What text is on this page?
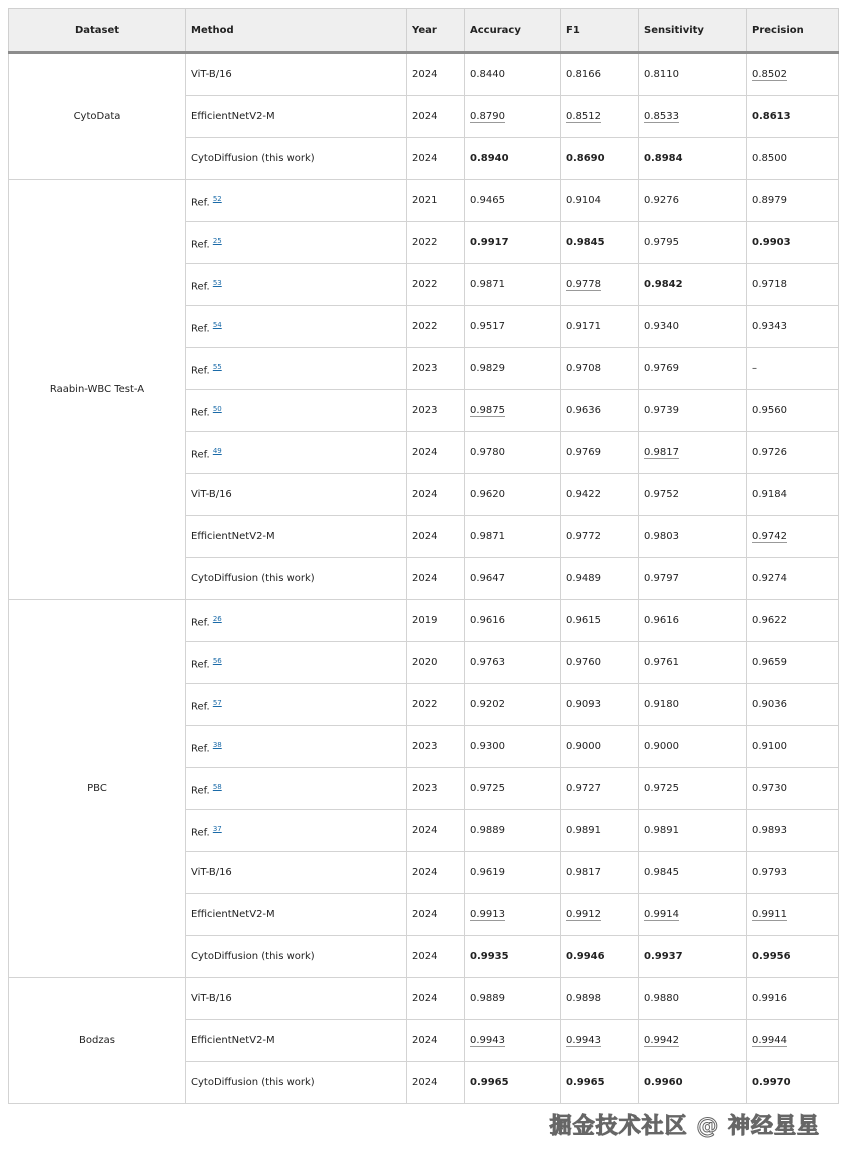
Dataset	Method	Year	Accuracy	F1	Sensitivity	Precision
CytoData	ViT-B/16	2024	0.8440	0.8166	0.8110	0.8502
	EfficientNetV2-M	2024	0.8790	0.8512	0.8533	0.8613
	CytoDiffusion (this work)	2024	0.8940	0.8690	0.8984	0.8500
Raabin-WBC Test-A	Ref. $^{52}$	2021	0.9465	0.9104	0.9276	0.8979
	Ref. $^{25}$	2022	0.9917	0.9845	0.9795	0.9903
	Ref. $^{53}$	2022	0.9871	0.9778	0.9842	0.9718
	Ref. $^{54}$	2022	0.9517	0.9171	0.9340	0.9343
	Ref. $^{55}$	2023	0.9829	0.9708	0.9769	–
	Ref. $^{50}$	2023	0.9875	0.9636	0.9739	0.9560
	Ref. $^{49}$	2024	0.9780	0.9769	0.9817	0.9726
	ViT-B/16	2024	0.9620	0.9422	0.9752	0.9184
	EfficientNetV2-M	2024	0.9871	0.9772	0.9803	0.9742
	CytoDiffusion (this work)	2024	0.9647	0.9489	0.9797	0.9274
PBC	Ref. $^{26}$	2019	0.9616	0.9615	0.9616	0.9622
	Ref. $^{56}$	2020	0.9763	0.9760	0.9761	0.9659
	Ref. $^{57}$	2022	0.9202	0.9093	0.9180	0.9036
	Ref. $^{38}$	2023	0.9300	0.9000	0.9000	0.9100
	Ref. $^{58}$	2023	0.9725	0.9727	0.9725	0.9730
	Ref. $^{37}$	2024	0.9889	0.9891	0.9891	0.9893
	ViT-B/16	2024	0.9619	0.9817	0.9845	0.9793
	EfficientNetV2-M	2024	0.9913	0.9912	0.9914	0.9911
	CytoDiffusion (this work)	2024	0.9935	0.9946	0.9937	0.9956
Bodzas	ViT-B/16	2024	0.9889	0.9898	0.9880	0.9916
	EfficientNetV2-M	2024	0.9943	0.9943	0.9942	0.9944
	CytoDiffusion (this work)	2024	0.9965	0.9965	0.9960	0.9970
掘金技术社区 @ 神经星星
